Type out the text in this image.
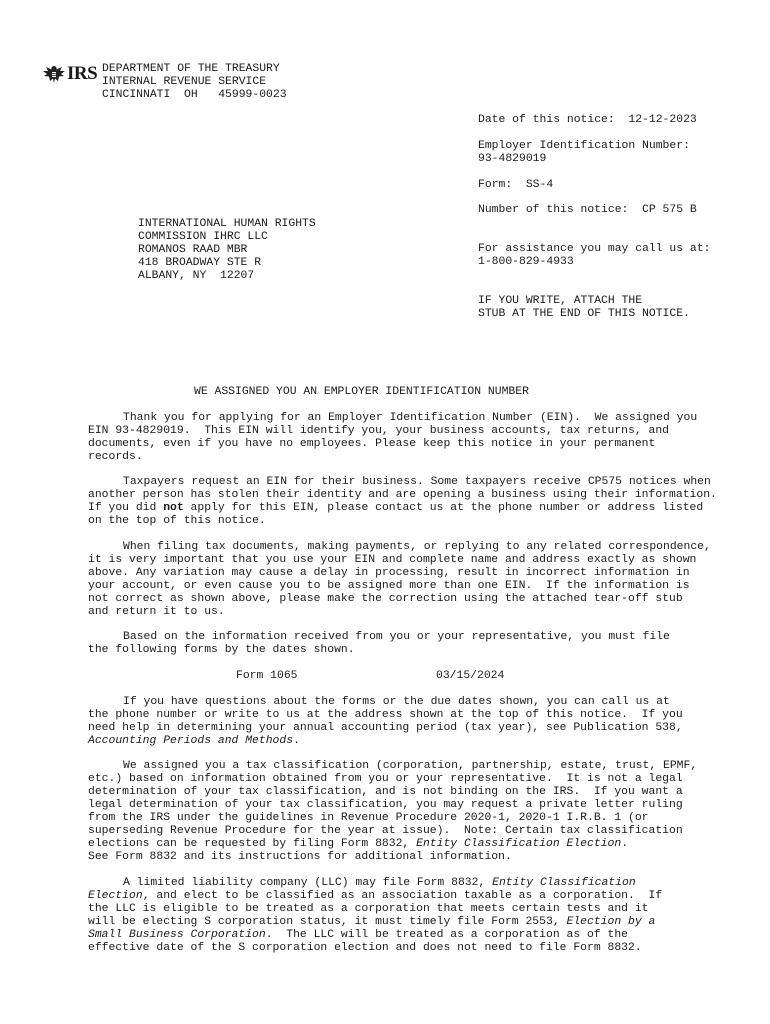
IRS DEPARTMENT OF THE TREASURY
INTERNAL REVENUE SERVICE
CINCINNATI  OH   45999-0023
Date of this notice:  12-12-2023
Employer Identification Number:
93-4829019
Form:  SS-4
Number of this notice:  CP 575 B
For assistance you may call us at:
1-800-829-4933
IF YOU WRITE, ATTACH THE
STUB AT THE END OF THIS NOTICE.
INTERNATIONAL HUMAN RIGHTS
COMMISSION IHRC LLC
ROMANOS RAAD MBR
418 BROADWAY STE R
ALBANY, NY  12207
WE ASSIGNED YOU AN EMPLOYER IDENTIFICATION NUMBER
Thank you for applying for an Employer Identification Number (EIN).  We assigned you
EIN 93-4829019.  This EIN will identify you, your business accounts, tax returns, and
documents, even if you have no employees. Please keep this notice in your permanent
records.
Taxpayers request an EIN for their business. Some taxpayers receive CP575 notices when
another person has stolen their identity and are opening a business using their information.
If you did not apply for this EIN, please contact us at the phone number or address listed
on the top of this notice.
When filing tax documents, making payments, or replying to any related correspondence,
it is very important that you use your EIN and complete name and address exactly as shown
above. Any variation may cause a delay in processing, result in incorrect information in
your account, or even cause you to be assigned more than one EIN.  If the information is
not correct as shown above, please make the correction using the attached tear-off stub
and return it to us.
Based on the information received from you or your representative, you must file
the following forms by the dates shown.
Form 1065	03/15/2024
If you have questions about the forms or the due dates shown, you can call us at
the phone number or write to us at the address shown at the top of this notice.  If you
need help in determining your annual accounting period (tax year), see Publication 538,
Accounting Periods and Methods.
We assigned you a tax classification (corporation, partnership, estate, trust, EPMF,
etc.) based on information obtained from you or your representative.  It is not a legal
determination of your tax classification, and is not binding on the IRS.  If you want a
legal determination of your tax classification, you may request a private letter ruling
from the IRS under the guidelines in Revenue Procedure 2020-1, 2020-1 I.R.B. 1 (or
superseding Revenue Procedure for the year at issue).  Note: Certain tax classification
elections can be requested by filing Form 8832, Entity Classification Election.
See Form 8832 and its instructions for additional information.
A limited liability company (LLC) may file Form 8832, Entity Classification
Election, and elect to be classified as an association taxable as a corporation.  If
the LLC is eligible to be treated as a corporation that meets certain tests and it
will be electing S corporation status, it must timely file Form 2553, Election by a
Small Business Corporation.  The LLC will be treated as a corporation as of the
effective date of the S corporation election and does not need to file Form 8832.
